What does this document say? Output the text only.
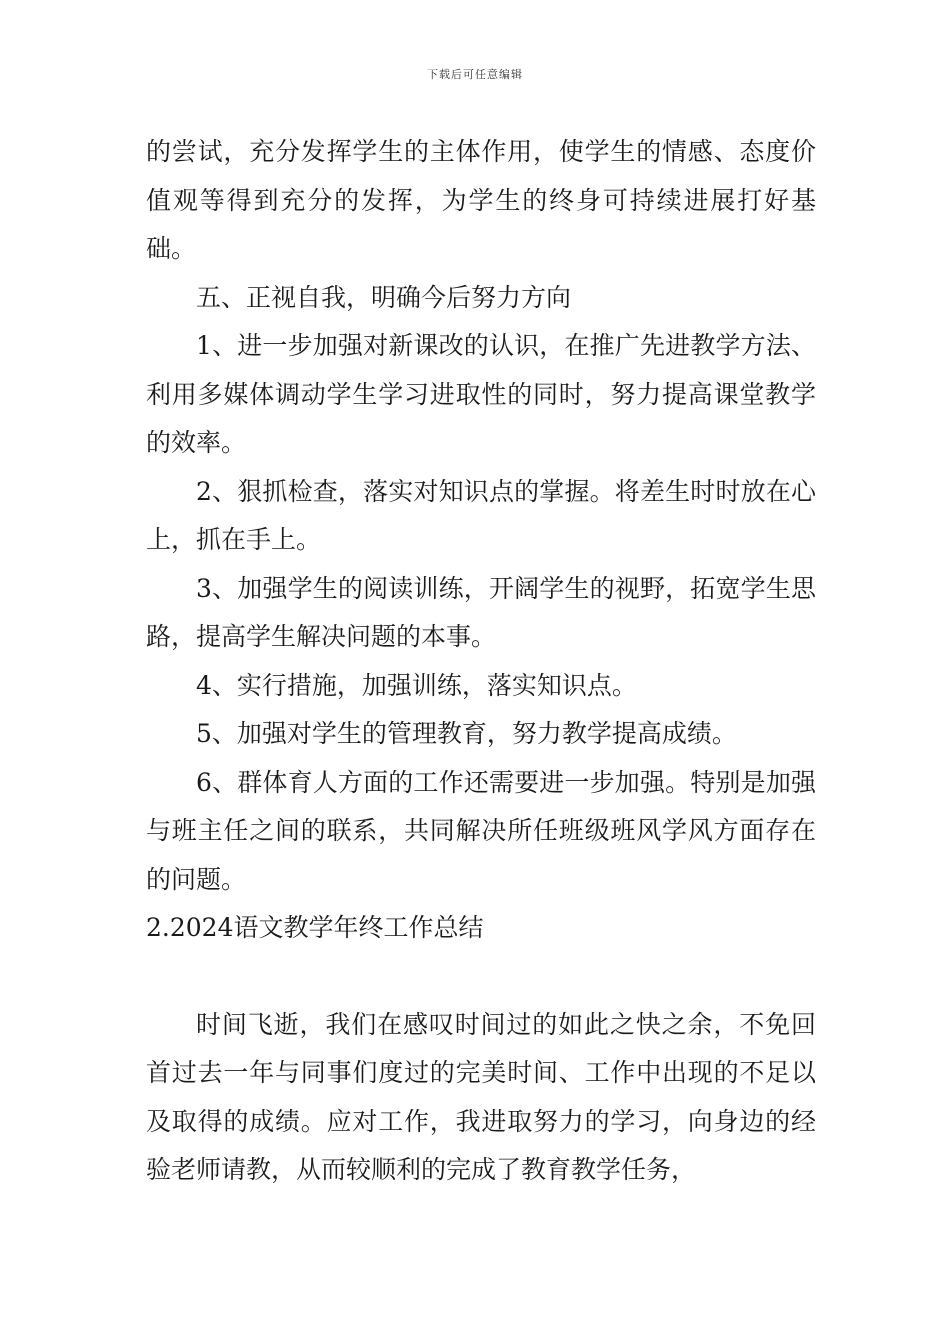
下载后可任意编辑

的尝试，充分发挥学生的主体作用，使学生的情感、态度价值观等得到充分的发挥，为学生的终身可持续进展打好基础。

五、正视自我，明确今后努力方向

1、进一步加强对新课改的认识，在推广先进教学方法、利用多媒体调动学生学习进取性的同时，努力提高课堂教学的效率。

2、狠抓检查，落实对知识点的掌握。将差生时时放在心上，抓在手上。

3、加强学生的阅读训练，开阔学生的视野，拓宽学生思路，提高学生解决问题的本事。

4、实行措施，加强训练，落实知识点。

5、加强对学生的管理教育，努力教学提高成绩。

6、群体育人方面的工作还需要进一步加强。特别是加强与班主任之间的联系，共同解决所任班级班风学风方面存在的问题。

2.2024语文教学年终工作总结

时间飞逝，我们在感叹时间过的如此之快之余，不免回首过去一年与同事们度过的完美时间、工作中出现的不足以及取得的成绩。应对工作，我进取努力的学习，向身边的经验老师请教，从而较顺利的完成了教育教学任务，
